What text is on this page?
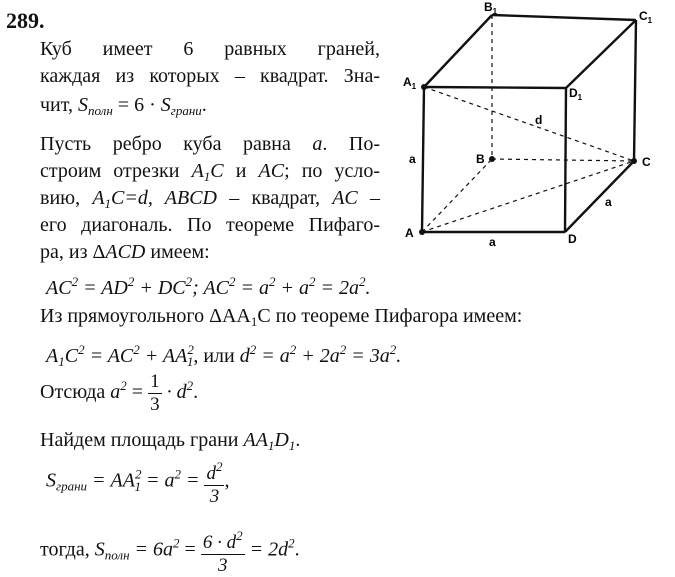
289.
Куб имеет 6 равных граней,
каждая из которых – квадрат. Зна-
чит, $S_{полн} = 6 \cdot S_{грани}$.
Пусть ребро куба равна a. По-
строим отрезки $A_1C$ и AC; по усло-
вию, $A_1C=d$, ABCD – квадрат, AC –
его диагональ. По теореме Пифаго-
ра, из ΔACD имеем:
$AC^2 = AD^2 + DC^2$; $AC^2 = a^2 + a^2 = 2a^2$.
Из прямоугольного $\Delta AA_1C$ по теореме Пифагора имеем:
$A_1C^2 = AC^2 + AA^2_1$, или $d^2 = a^2 + 2a^2 = 3a^2$.
Отсюда $a^2 = \frac{1}{3} \cdot d^2$.
Найдем площадь грани $AA_1D_1$.
$S_{грани} = AA^2_1 = a^2 = \frac{d^2}{3}$ ,
тогда, $S_{полн} = 6a^2 = \frac{6 \cdot d^2}{3} = 2d^2$.
B1	C1
A1	D1
B	C
A	D
d
a
a
a
